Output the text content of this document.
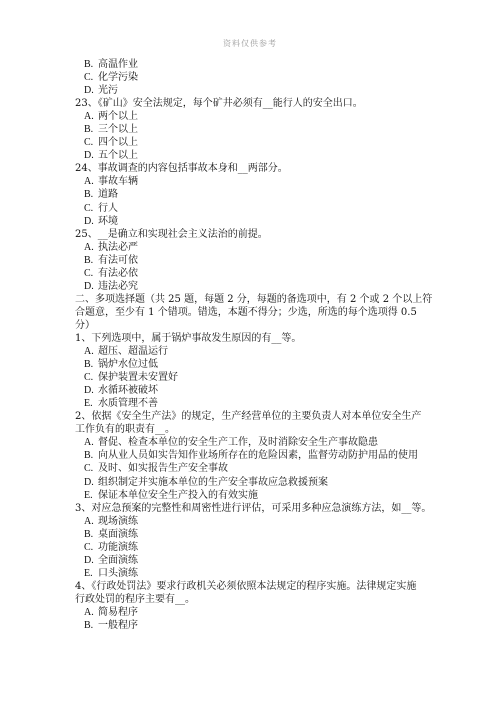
资料仅供参考
B. 高温作业
C. 化学污染
D. 光污
23、《矿山》安全法规定，每个矿井必须有__能行人的安全出口。
A. 两个以上
B. 三个以上
C. 四个以上
D. 五个以上
24、事故调查的内容包括事故本身和__两部分。
A. 事故车辆
B. 道路
C. 行人
D. 环境
25、__是确立和实现社会主义法治的前提。
A. 执法必严
B. 有法可依
C. 有法必依
D. 违法必究
二、多项选择题（共 25 题，每题 2 分，每题的备选项中，有 2 个或 2 个以上符
合题意，至少有 1 个错项。错选，本题不得分；少选，所选的每个选项得 0.5
分）
1、下列选项中，属于锅炉事故发生原因的有__等。
A. 超压、超温运行
B. 锅炉水位过低
C. 保护装置未安置好
D. 水循环被破坏
E. 水质管理不善
2、依据《安全生产法》的规定，生产经营单位的主要负责人对本单位安全生产
工作负有的职责有__。
A. 督促、检查本单位的安全生产工作，及时消除安全生产事故隐患
B. 向从业人员如实告知作业场所存在的危险因素，监督劳动防护用品的使用
C. 及时、如实报告生产安全事故
D. 组织制定并实施本单位的生产安全事故应急救援预案
E. 保证本单位安全生产投入的有效实施
3、对应急预案的完整性和周密性进行评估，可采用多种应急演练方法，如__等。
A. 现场演练
B. 桌面演练
C. 功能演练
D. 全面演练
E. 口头演练
4、《行政处罚法》要求行政机关必须依照本法规定的程序实施。法律规定实施
行政处罚的程序主要有__。
A. 简易程序
B. 一般程序
